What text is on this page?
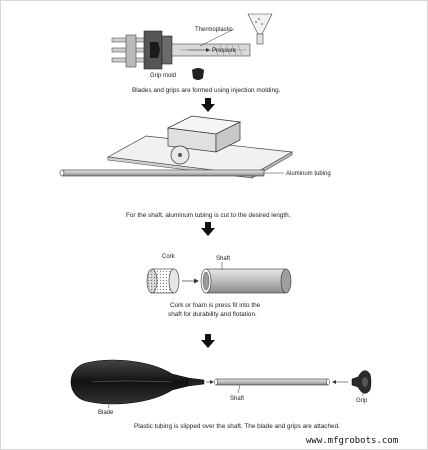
Thermoplastic
Pressure
Grip mold
Blades and grips are formed using injection molding.
Aluminum tubing
For the shaft, aluminum tubing is cut to the desired length.
Cork	Shaft
Cork or foam is press fit into the
shaft for durability and flotation.
Shaft
Blade
Grip
Plastic tubing is slipped over the shaft. The blade and grips are attached.
www.mfgrobots.com
